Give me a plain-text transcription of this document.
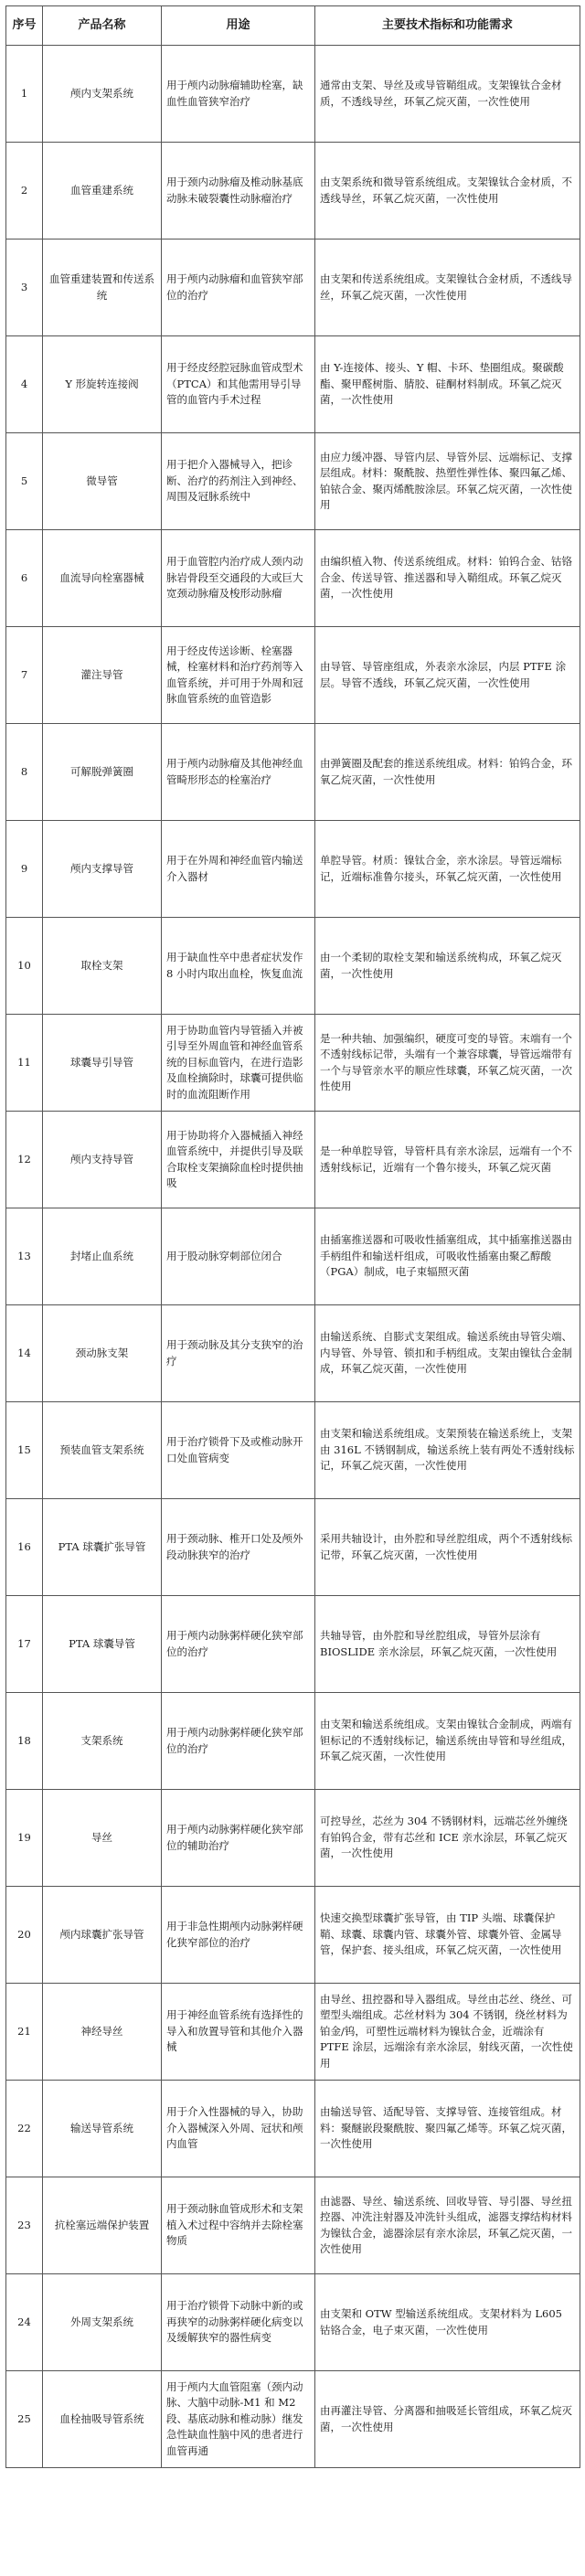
序号	产品名称	用途	主要技术指标和功能需求
1	颅内支架系统	用于颅内动脉瘤辅助栓塞，缺血性血管狭窄治疗	通常由支架、导丝及或导管鞘组成。支架镍钛合金材质，不透线导丝，环氧乙烷灭菌，一次性使用
2	血管重建系统	用于颈内动脉瘤及椎动脉基底动脉未破裂囊性动脉瘤治疗	由支架系统和微导管系统组成。支架镍钛合金材质，不透线导丝，环氧乙烷灭菌，一次性使用
3	血管重建装置和传送系统	用于颅内动脉瘤和血管狭窄部位的治疗	由支架和传送系统组成。支架镍钛合金材质，不透线导丝，环氧乙烷灭菌，一次性使用
4	Y 形旋转连接阀	用于经皮经腔冠脉血管成型术（PTCA）和其他需用导引导管的血管内手术过程	由 Y-连接体、接头、Y 帽、卡环、垫圈组成。聚碳酸酯、聚甲醛树脂、腈胶、硅酮材料制成。环氧乙烷灭菌，一次性使用
5	微导管	用于把介入器械导入，把诊断、治疗的药剂注入到神经、周围及冠脉系统中	由应力缓冲器、导管内层、导管外层、远端标记、支撑层组成。材料：聚酰胺、热塑性弹性体、聚四氟乙烯、铂铱合金、聚丙烯酰胺涂层。环氧乙烷灭菌，一次性使用
6	血流导向栓塞器械	用于血管腔内治疗成人颈内动脉岩骨段至交通段的大或巨大宽颈动脉瘤及梭形动脉瘤	由编织植入物、传送系统组成。材料：铂钨合金、钴铬合金、传送导管、推送器和导入鞘组成。环氧乙烷灭菌，一次性使用
7	灌注导管	用于经皮传送诊断、栓塞器械，栓塞材料和治疗药剂等入血管系统，并可用于外周和冠脉血管系统的血管造影	由导管、导管座组成，外表亲水涂层，内层 PTFE 涂层。导管不透线，环氧乙烷灭菌，一次性使用
8	可解脱弹簧圈	用于颅内动脉瘤及其他神经血管畸形形态的栓塞治疗	由弹簧圈及配套的推送系统组成。材料：铂钨合金，环氧乙烷灭菌，一次性使用
9	颅内支撑导管	用于在外周和神经血管内输送介入器材	单腔导管。材质：镍钛合金，亲水涂层。导管远端标记，近端标准鲁尔接头，环氧乙烷灭菌，一次性使用
10	取栓支架	用于缺血性卒中患者症状发作 8 小时内取出血栓，恢复血流	由一个柔韧的取栓支架和输送系统构成，环氧乙烷灭菌，一次性使用
11	球囊导引导管	用于协助血管内导管插入并被引导至外周血管和神经血管系统的目标血管内，在进行造影及血栓摘除时，球囊可提供临时的血流阻断作用	是一种共轴、加强编织，硬度可变的导管。末端有一个不透射线标记带，头端有一个兼容球囊，导管远端带有一个与导管亲水平的顺应性球囊，环氧乙烷灭菌，一次性使用
12	颅内支持导管	用于协助将介入器械插入神经血管系统中，并提供引导及联合取栓支架摘除血栓时提供抽吸	是一种单腔导管，导管杆具有亲水涂层，远端有一个不透射线标记，近端有一个鲁尔接头，环氧乙烷灭菌
13	封堵止血系统	用于股动脉穿刺部位闭合	由插塞推送器和可吸收性插塞组成，其中插塞推送器由手柄组件和输送杆组成，可吸收性插塞由聚乙醇酸（PGA）制成，电子束辐照灭菌
14	颈动脉支架	用于颈动脉及其分支狭窄的治疗	由输送系统、自膨式支架组成。输送系统由导管尖端、内导管、外导管、锁扣和手柄组成。支架由镍钛合金制成，环氧乙烷灭菌，一次性使用
15	预装血管支架系统	用于治疗锁骨下及或椎动脉开口处血管病变	由支架和输送系统组成。支架预装在输送系统上，支架由 316L 不锈钢制成，输送系统上装有两处不透射线标记，环氧乙烷灭菌，一次性使用
16	PTA 球囊扩张导管	用于颈动脉、椎开口处及颅外段动脉狭窄的治疗	采用共轴设计，由外腔和导丝腔组成，两个不透射线标记带，环氧乙烷灭菌，一次性使用
17	PTA 球囊导管	用于颅内动脉粥样硬化狭窄部位的治疗	共轴导管，由外腔和导丝腔组成，导管外层涂有 BIOSLIDE 亲水涂层，环氧乙烷灭菌，一次性使用
18	支架系统	用于颅内动脉粥样硬化狭窄部位的治疗	由支架和输送系统组成。支架由镍钛合金制成，两端有钽标记的不透射线标记，输送系统由导管和导丝组成，环氧乙烷灭菌，一次性使用
19	导丝	用于颅内动脉粥样硬化狭窄部位的辅助治疗	可控导丝，芯丝为 304 不锈钢材料，远端芯丝外缠绕有铂钨合金，带有芯丝和 ICE 亲水涂层，环氧乙烷灭菌，一次性使用
20	颅内球囊扩张导管	用于非急性期颅内动脉粥样硬化狭窄部位的治疗	快速交换型球囊扩张导管，由 TIP 头端、球囊保护鞘、球囊、球囊内管、球囊外管、球囊外管、金属导管，保护套、接头组成，环氧乙烷灭菌，一次性使用
21	神经导丝	用于神经血管系统有选择性的导入和放置导管和其他介入器械	由导丝、扭控器和导入器组成。导丝由芯丝、绕丝、可塑型头端组成。芯丝材料为 304 不锈钢，绕丝材料为铂金/钨，可塑性远端材料为镍钛合金，近端涂有 PTFE 涂层，远端涂有亲水涂层，射线灭菌，一次性使用
22	输送导管系统	用于介入性器械的导入，协助介入器械深入外周、冠状和颅内血管	由输送导管、适配导管、支撑导管、连接管组成。材料：聚醚嵌段聚酰胺、聚四氟乙烯等。环氧乙烷灭菌，一次性使用
23	抗栓塞远端保护装置	用于颈动脉血管成形术和支架植入术过程中容纳并去除栓塞物质	由滤器、导丝、输送系统、回收导管、导引器、导丝扭控器、冲洗注射器及冲洗针头组成，滤器支撑结构材料为镍钛合金，滤器涂层有亲水涂层，环氧乙烷灭菌，一次性使用
24	外周支架系统	用于治疗锁骨下动脉中新的或再狭窄的动脉粥样硬化病变以及缓解狭窄的器性病变	由支架和 OTW 型输送系统组成。支架材料为 L605 钴铬合金，电子束灭菌，一次性使用
25	血栓抽吸导管系统	用于颅内大血管阻塞（颈内动脉、大脑中动脉-M1 和 M2 段、基底动脉和椎动脉）继发急性缺血性脑中风的患者进行血管再通	由再灌注导管、分离器和抽吸延长管组成，环氧乙烷灭菌，一次性使用
